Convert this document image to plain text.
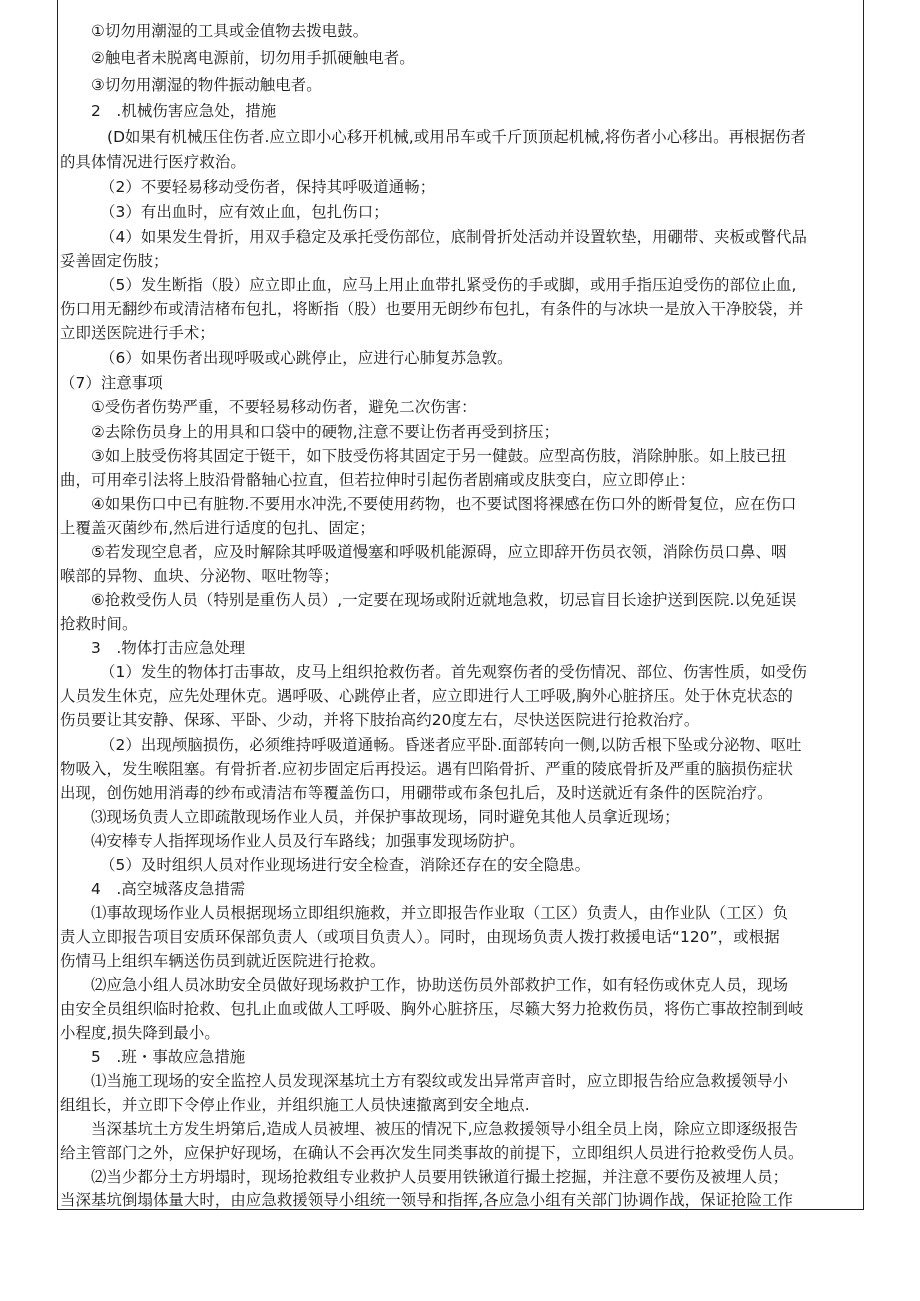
①切勿用潮湿的工具或金值物去拨电鼓。
②触电者未脱离电源前，切勿用手抓硬触电者。
③切勿用潮湿的物件振动触电者。
2　.机械伤害应急处，措施
(D如果有机械压住伤者.应立即小心移开机械,或用吊车或千斤顶顶起机械,将伤者小心移出。再根据伤者
的具体情况进行医疗救治。
（2）不要轻易移动受伤者，保持其呼吸道通畅；
（3）有出血时，应有效止血，包扎伤口；
（4）如果发生骨折，用双手稳定及承托受伤部位，底制骨折处活动并设置软垫，用硼带、夹板或瞥代品
妥善固定伤肢；
（5）发生断指（股）应立即止血，应马上用止血带扎紧受伤的手或脚，或用手指压迫受伤的部位止血,
伤口用无翻纱布或清洁楮布包扎，将断指（股）也要用无朗纱布包扎，有条件的与冰块一是放入干净胶袋，并
立即送医院进行手术；
（6）如果伤者出现呼吸或心跳停止，应进行心肺复苏急敦。
（7）注意事项
①受伤者伤势严重，不要轻易移动伤者，避免二次伤害：
②去除伤员身上的用具和口袋中的硬物,注意不要让伤者再受到挤压；
③如上肢受伤将其固定于铤干，如下肢受伤将其固定于另一健鼓。应型高伤肢，消除肿胀。如上肢已扭
曲，可用牵引法将上肢沿骨骼轴心拉直，但若拉伸时引起伤者剧痛或皮肤变白，应立即停止：
④如果伤口中已有脏物.不要用水冲洗,不要使用药物，也不要试图将裸感在伤口外的断骨复位，应在伤口
上覆盖灭菌纱布,然后进行适度的包扎、固定；
⑤若发现空息者，应及时解除其呼吸道慢塞和呼吸机能源碍，应立即辞开伤员衣领，消除伤员口鼻、咽
喉部的异物、血块、分泌物、呕吐物等；
⑥抢救受伤人员（特别是重伤人员）,一定要在现场或附近就地急救，切忌盲目长途护送到医院.以免延误
抢救时间。
3　.物体打击应急处理
（1）发生的物体打击事故，皮马上组织抢救伤者。首先观察伤者的受伤情况、部位、伤害性质，如受伤
人员发生休克，应先处理休克。遇呼吸、心跳停止者，应立即进行人工呼吸,胸外心脏挤压。处于休克状态的
伤员要让其安静、保琢、平卧、少动，并将下肢抬高约20度左右，尽快送医院进行抢救治疗。
（2）出现颅脑损伤，必须维持呼吸道通畅。昏迷者应平卧.面部转向一侧,以防舌根下坠或分泌物、呕吐
物吸入，发生喉阻塞。有骨折者.应初步固定后再投运。遇有凹陷骨折、严重的陵底骨折及严重的脑损伤症状
出现，创伤她用消毒的纱布或清洁布等覆盖伤口，用硼带或布条包扎后，及时送就近有条件的医院治疗。
⑶现场负责人立即疏散现场作业人员，并保护事故现场，同时避免其他人员拿近现场；
⑷安棒专人指挥现场作业人员及行车路线；加强事发现场防护。
（5）及时组织人员对作业现场进行安全检查，消除还存在的安全隐患。
4　.高空城落皮急措需
⑴事故现场作业人员根据现场立即组织施救，并立即报告作业取（工区）负责人，由作业队（工区）负
责人立即报告项目安质环保部负责人（或项目负责人）。同时，由现场负责人拨打救援电话“120”，或根据
伤情马上组织车辆送伤员到就近医院进行抢救。
⑵应急小组人员冰助安全员做好现场救护工作，协助送伤员外部救护工作，如有轻伤或休克人员，现场
由安全员组织临时抢救、包扎止血或做人工呼吸、胸外心脏挤压，尽籁大努力抢救伤员，将伤亡事故控制到岐
小程度,损失降到最小。
5　.班・事故应急措施
⑴当施工现场的安全监控人员发现深基坑土方有裂纹或发出异常声音时，应立即报告给应急救援领导小
组组长，并立即下令停止作业，并组织施工人员快速撤离到安全地点.
当深基坑土方发生坍第后,造成人员被埋、被压的情况下,应急救援领导小组全员上岗，除应立即逐级报告
给主管部门之外，应保护好现场，在确认不会再次发生同类事故的前提下，立即组织人员进行抢救受伤人员。
⑵当少都分土方坍塌时，现场抢救组专业救护人员要用铁锹道行撮土挖掘，并注意不要伤及被埋人员；
当深基坑倒塌体量大时，由应急救援领导小组统一领导和指挥,各应急小组有关部门协调作战，保证抢险工作
